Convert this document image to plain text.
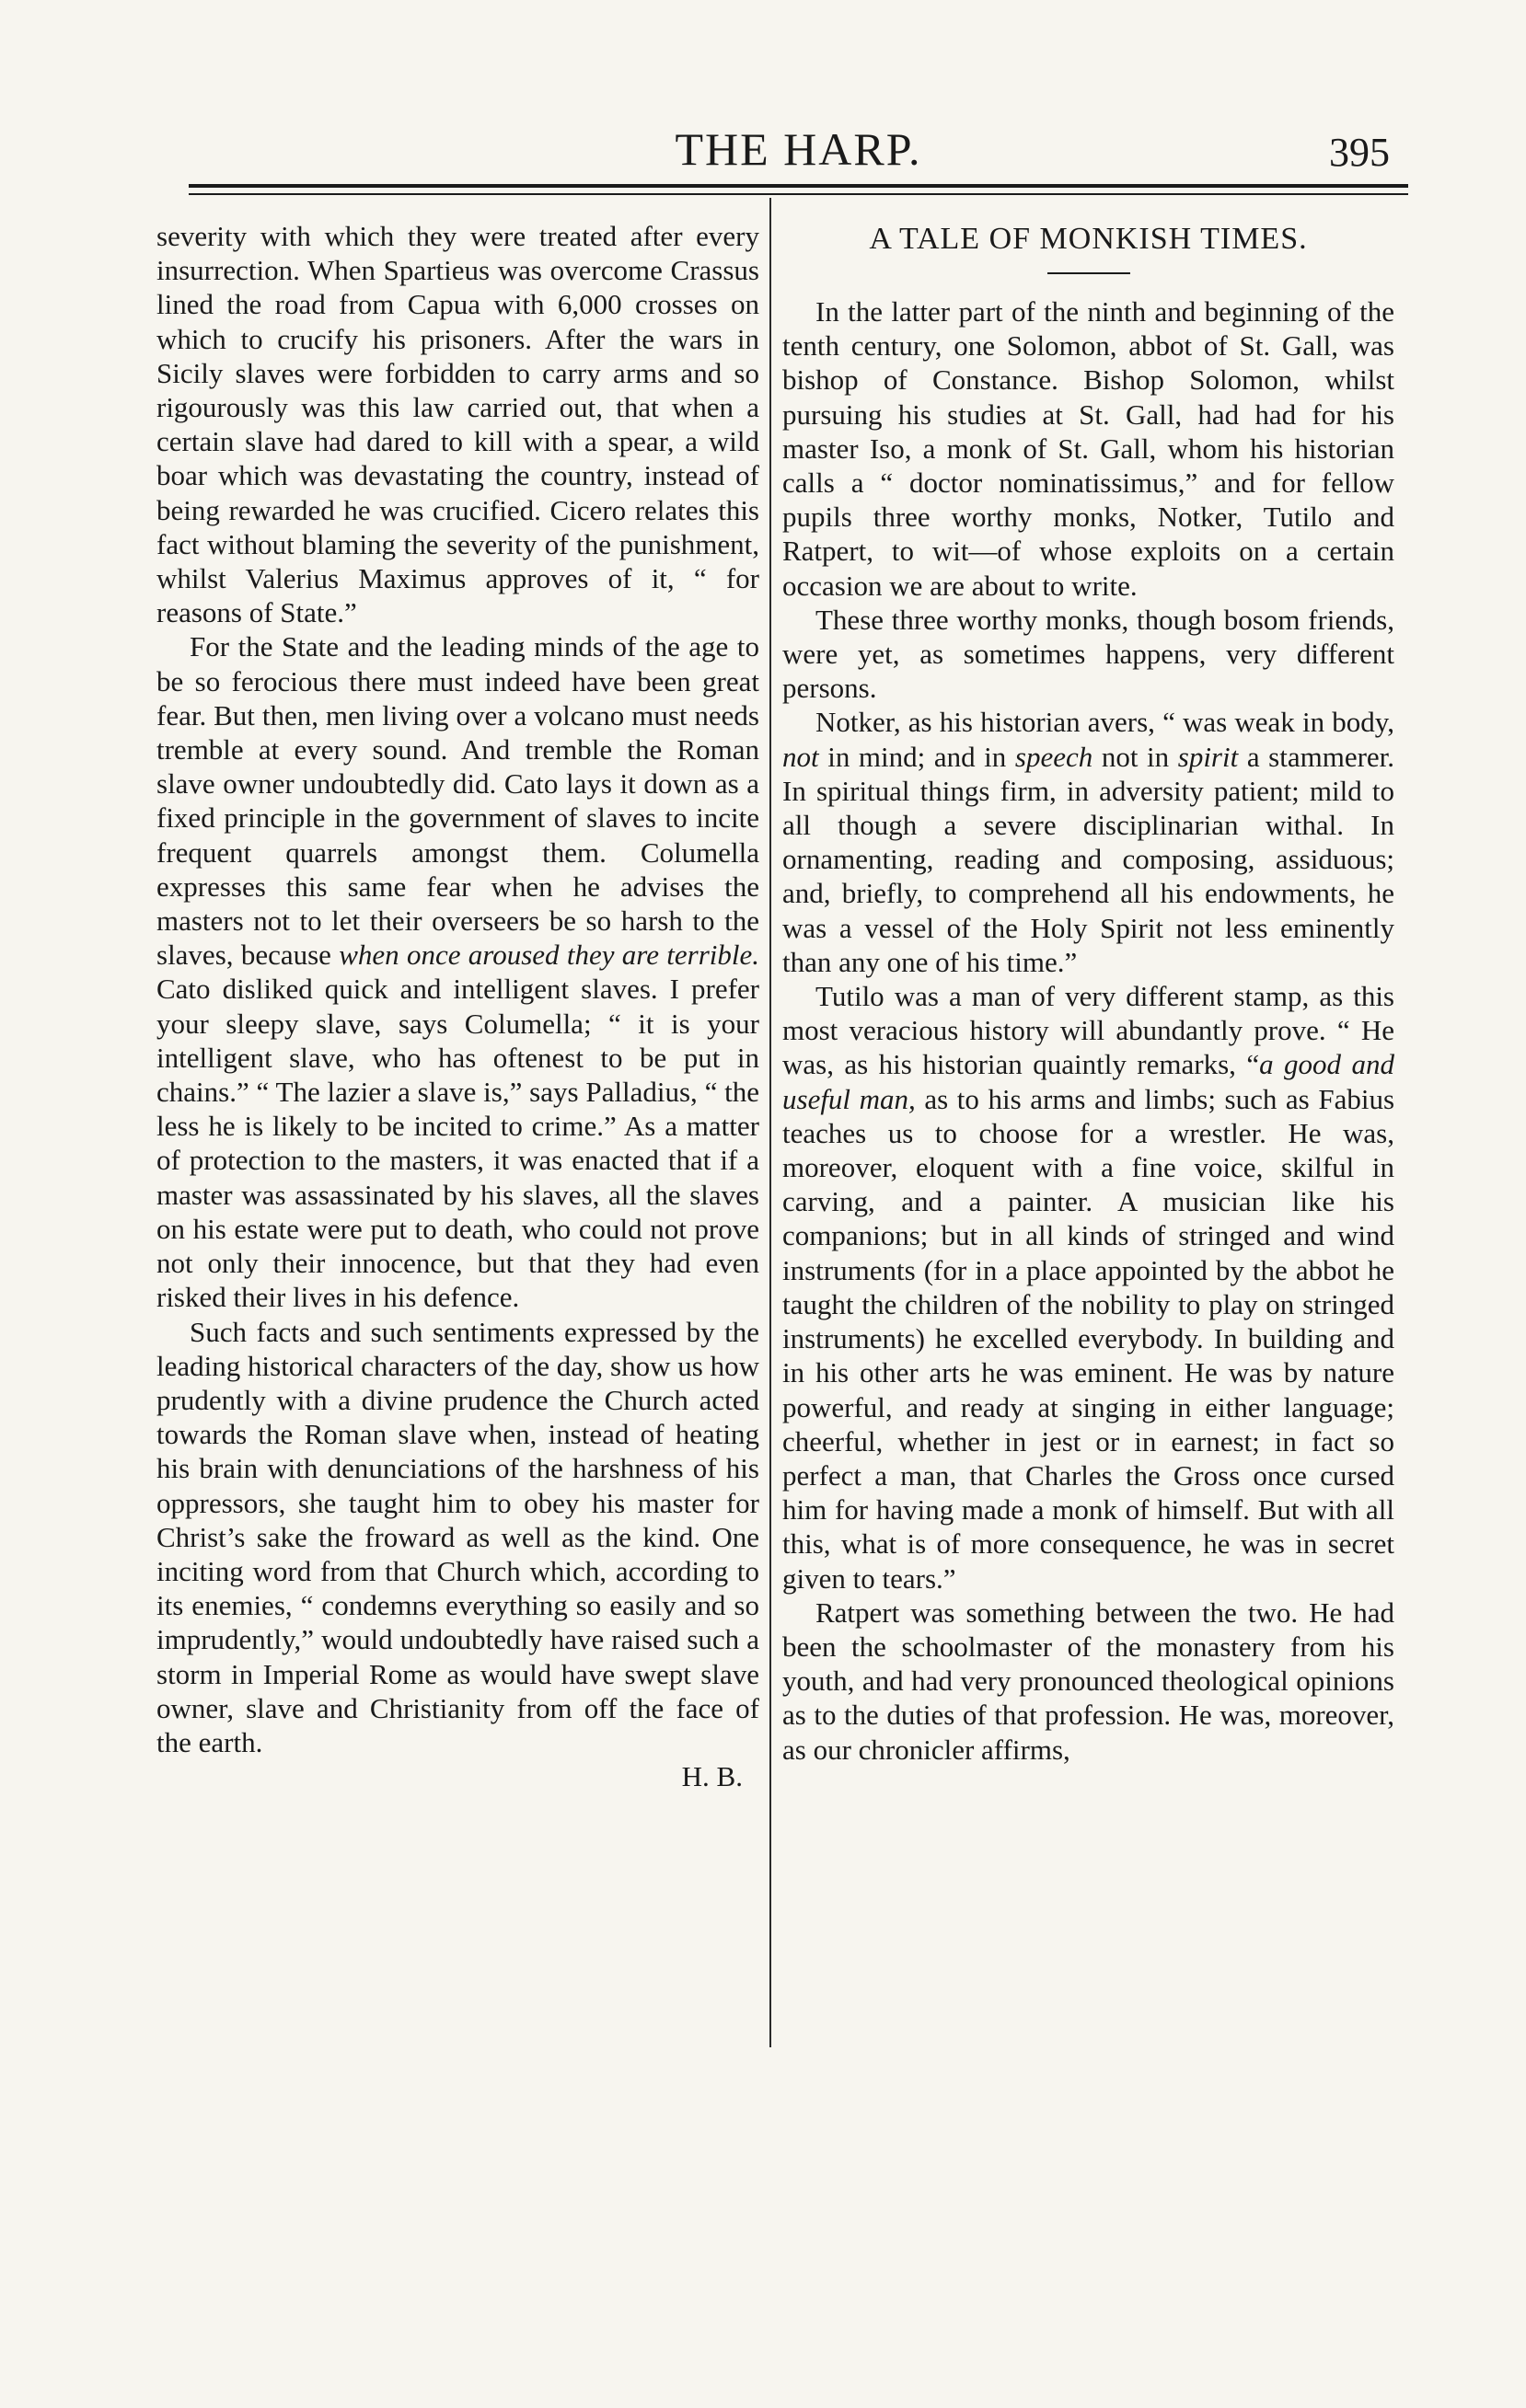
THE HARP.	395

severity with which they were treated after every insurrection. When Spartieus was overcome Crassus lined the road from Capua with 6,000 crosses on which to crucify his prisoners. After the wars in Sicily slaves were forbidden to carry arms and so rigourously was this law carried out, that when a certain slave had dared to kill with a spear, a wild boar which was devastating the country, instead of being rewarded he was crucified. Cicero relates this fact without blaming the severity of the punishment, whilst Valerius Maximus approves of it, “ for reasons of State.”

For the State and the leading minds of the age to be so ferocious there must indeed have been great fear. But then, men living over a volcano must needs tremble at every sound. And tremble the Roman slave owner undoubtedly did. Cato lays it down as a fixed principle in the government of slaves to incite frequent quarrels amongst them. Columella expresses this same fear when he advises the masters not to let their overseers be so harsh to the slaves, because when once aroused they are terrible. Cato disliked quick and intelligent slaves. I prefer your sleepy slave, says Columella; “ it is your intelligent slave, who has oftenest to be put in chains.” “ The lazier a slave is,” says Palladius, “ the less he is likely to be incited to crime.” As a matter of protection to the masters, it was enacted that if a master was assassinated by his slaves, all the slaves on his estate were put to death, who could not prove not only their innocence, but that they had even risked their lives in his defence.

Such facts and such sentiments expressed by the leading historical characters of the day, show us how prudently with a divine prudence the Church acted towards the Roman slave when, instead of heating his brain with denunciations of the harshness of his oppressors, she taught him to obey his master for Christ’s sake the froward as well as the kind. One inciting word from that Church which, according to its enemies, “ condemns everything so easily and so imprudently,” would undoubtedly have raised such a storm in Imperial Rome as would have swept slave owner, slave and Christianity from off the face of the earth.

H. B.
A TALE OF MONKISH TIMES.

In the latter part of the ninth and beginning of the tenth century, one Solomon, abbot of St. Gall, was bishop of Constance. Bishop Solomon, whilst pursuing his studies at St. Gall, had had for his master Iso, a monk of St. Gall, whom his historian calls a “ doctor nominatissimus,” and for fellow pupils three worthy monks, Notker, Tutilo and Ratpert, to wit—of whose exploits on a certain occasion we are about to write.

These three worthy monks, though bosom friends, were yet, as sometimes happens, very different persons.

Notker, as his historian avers, “ was weak in body, not in mind; and in speech not in spirit a stammerer. In spiritual things firm, in adversity patient; mild to all though a severe disciplinarian withal. In ornamenting, reading and composing, assiduous; and, briefly, to comprehend all his endowments, he was a vessel of the Holy Spirit not less eminently than any one of his time.”

Tutilo was a man of very different stamp, as this most veracious history will abundantly prove. “ He was, as his historian quaintly remarks, “a good and useful man, as to his arms and limbs; such as Fabius teaches us to choose for a wrestler. He was, moreover, eloquent with a fine voice, skilful in carving, and a painter. A musician like his companions; but in all kinds of stringed and wind instruments (for in a place appointed by the abbot he taught the children of the nobility to play on stringed instruments) he excelled everybody. In building and in his other arts he was eminent. He was by nature powerful, and ready at singing in either language; cheerful, whether in jest or in earnest; in fact so perfect a man, that Charles the Gross once cursed him for having made a monk of himself. But with all this, what is of more consequence, he was in secret given to tears.”

Ratpert was something between the two. He had been the schoolmaster of the monastery from his youth, and had very pronounced theological opinions as to the duties of that profession. He was, moreover, as our chronicler affirms,
